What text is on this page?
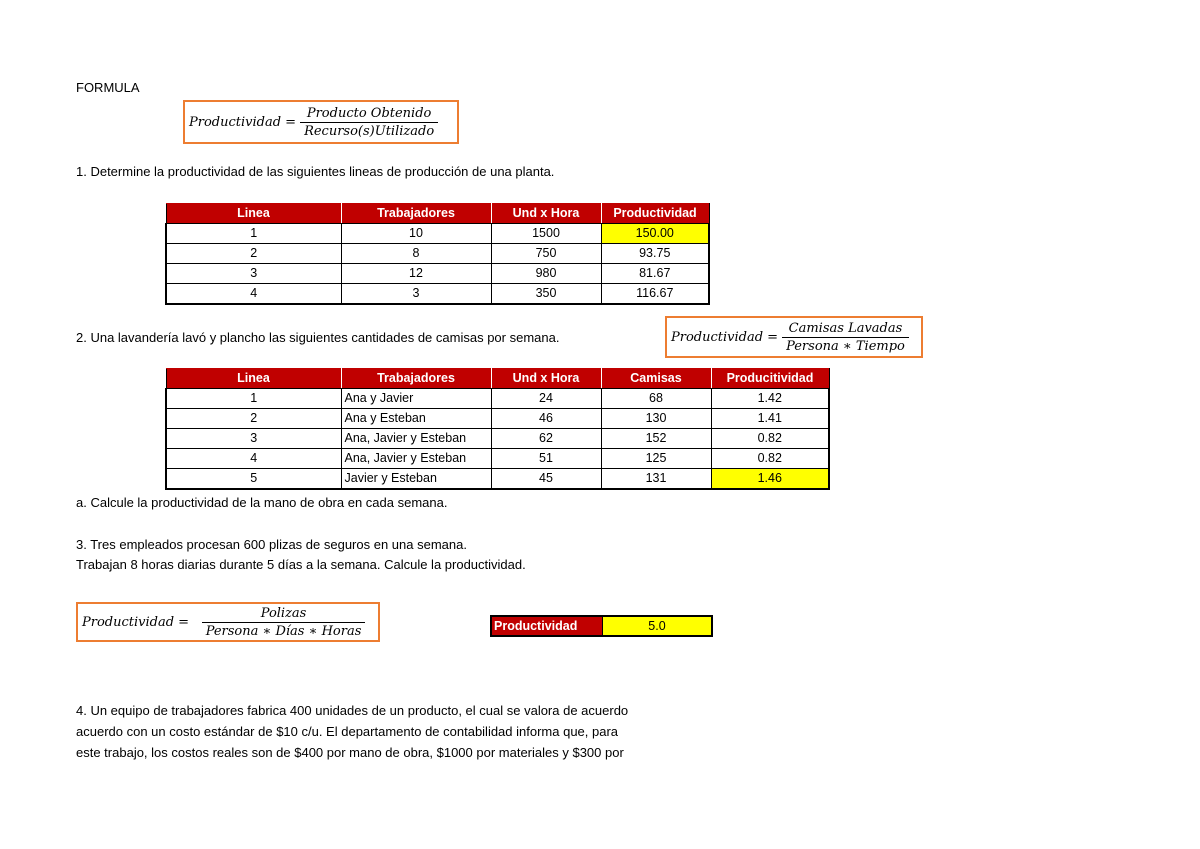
FORMULA
Productividad = $\frac{\text{Producto Obtenido}}{\text{Recurso(s)Utilizado}}$
1. Determine la productividad de las siguientes lineas de producción de una planta.
Linea	Trabajadores	Und x Hora	Productividad
1	10	1500	150.00
2	8	750	93.75
3	12	980	81.67
4	3	350	116.67
2. Una lavandería lavó y plancho las siguientes cantidades de camisas por semana.	Productividad = $\frac{\text{Camisas Lavadas}}{\text{Persona ∗ Tiempo}}$
Linea	Trabajadores	Und x Hora	Camisas	Producitividad
1	Ana y Javier	24	68	1.42
2	Ana y Esteban	46	130	1.41
3	Ana, Javier y Esteban	62	152	0.82
4	Ana, Javier y Esteban	51	125	0.82
5	Javier y Esteban	45	131	1.46
a. Calcule la productividad de la mano de obra en cada semana.
3. Tres empleados procesan 600 plizas de seguros en una semana.
Trabajan 8 horas diarias durante 5 días a la semana. Calcule la productividad.
Productividad = $\frac{\text{Polizas}}{\text{Persona ∗ Días ∗ Horas}}$	Productividad	5.0
4. Un equipo de trabajadores fabrica 400 unidades de un producto, el cual se valora de acuerdo
acuerdo con un costo estándar de $10 c/u. El departamento de contabilidad informa que, para
este trabajo, los costos reales son de $400 por mano de obra, $1000 por materiales y $300 por
